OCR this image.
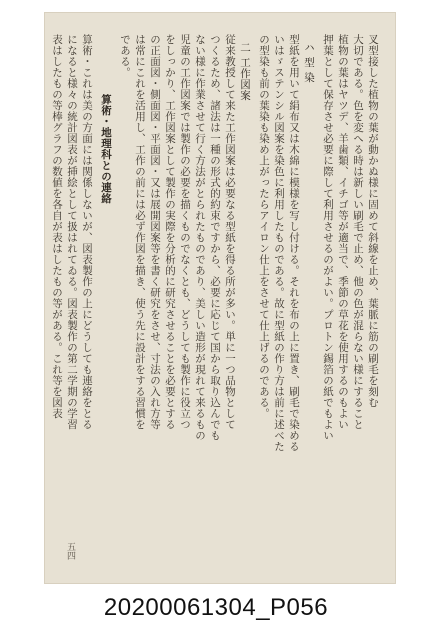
叉型接した植物の葉が動かぬ様に固めて斜線を止め、葉脈に筋の刷毛を刻む
大切である。色を変へる時は新しい刷毛で止め、他の色が混らない様にすること
植物の葉はヤツデ、羊歯類、イチゴ等が適当で、季節の草花を使用するのもよい
押葉として保存させ必要に際して利用させるのがよい。プロトン錫箔の紙でもよい
ハ 型 染
型紙を用いて絹布又は木綿に模様を写し付ける。それを布の上に置き、刷毛で染める
いはゞステンシル図案を染色に利用したものである。故に型紙の作り方は前に述べた
の型染も前の葉染も染め上がったらアイロン仕上をさせて仕上げるのである。
二 工作図案
従来教授して来た工作図案は必要なる型紙を得る所が多い。単に一つ品物として
つくるため、諸法は一種の形式的約束ですから、必要に応じて国から取り込んでも
ない様に作業させて行く方法がとられたものであり、美しい造形が現れて来るもの
児童の工作図案では製作の必要を描くものでなくとも、どうしても製作に役立つ
をしっかり、工作図案として製作の実際を分析的に研究させることを必要とする
の正面図・側面図・平面図・又は展開図案等を書く研究をさせ、寸法の入れ方等
は常にこれを活用し、工作の前には必ず作図を描き、使う先に設計をする習慣を
である。
算術・地理科との連絡
算術・これは美の方面には関係しないが、図表製作の上にどうしても連絡をとる
になると様々の統計図表が挿絵として扱はれてゐる。図表製作の第二学期の学習
表はしたもの等棒グラフの数値を各自が表はしたもの等がある。これ等を図表
五四
20200061304_P056
